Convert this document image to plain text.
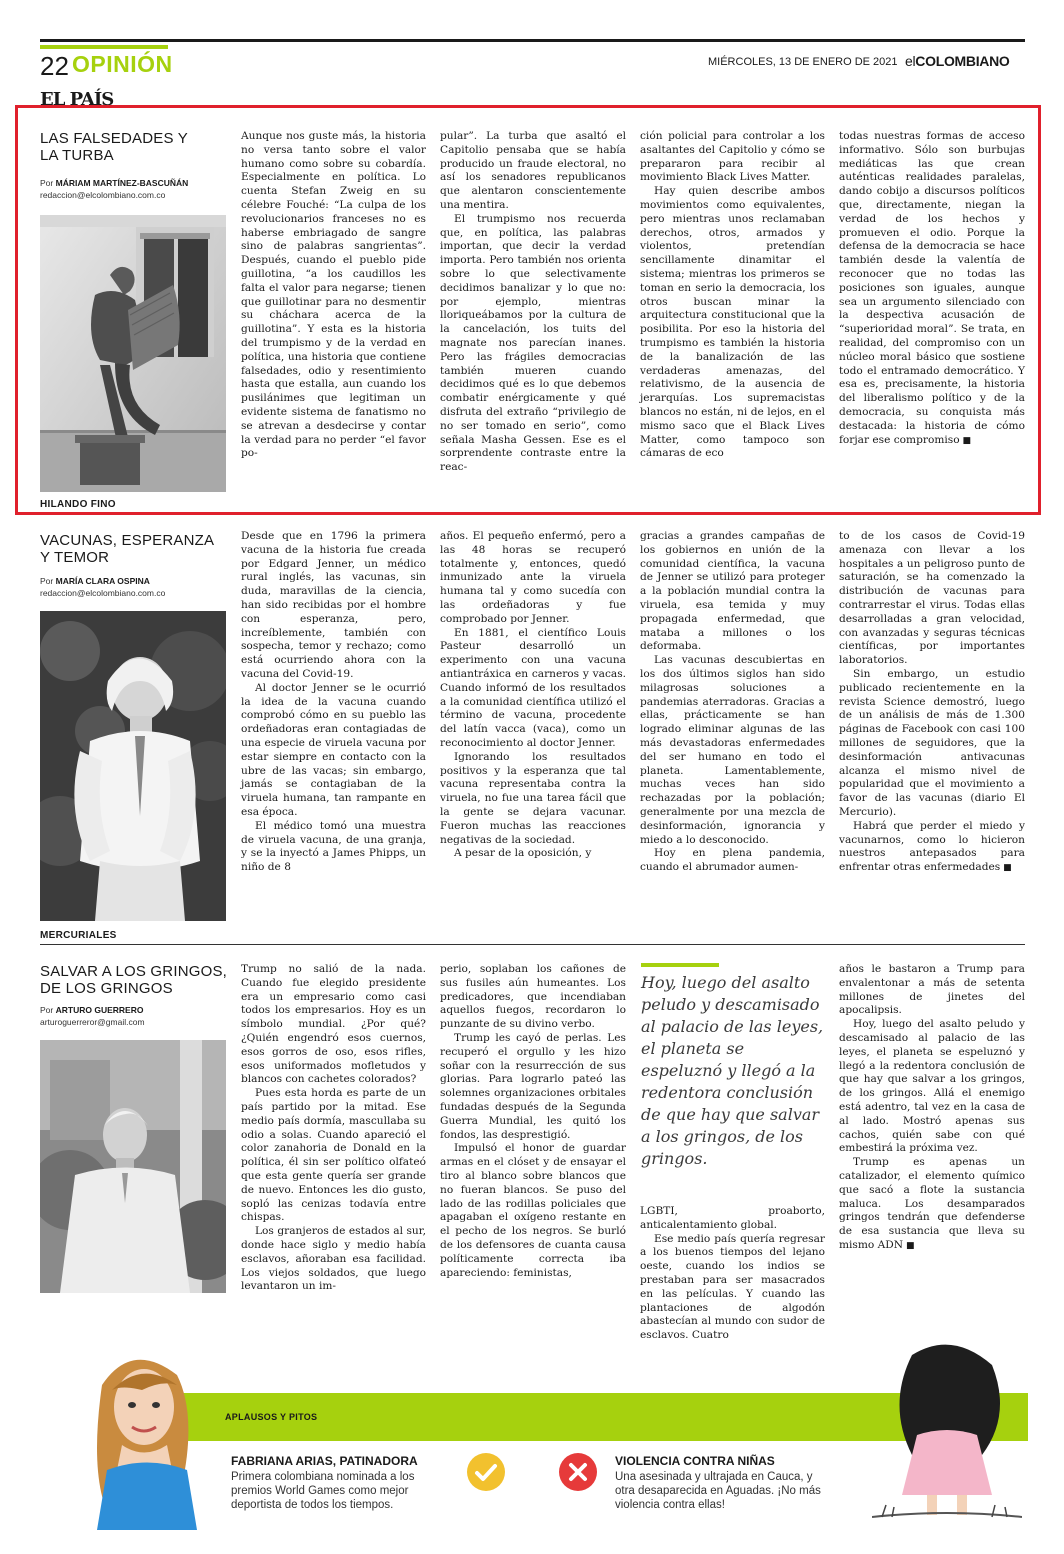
22 OPINIÓN	MIÉRCOLES, 13 DE ENERO DE 2021 elCOLOMBIANO
EL PAÍS
LAS FALSEDADES Y LA TURBA
Por MÁRIAM MARTÍNEZ-BASCUÑÁN
redaccion@elcolombiano.com.co
HILANDO FINO

Aunque nos guste más, la historia no versa tanto sobre el valor humano como sobre su cobardía. Especialmente en política. Lo cuenta Stefan Zweig en su célebre Fouché: “La culpa de los revolucionarios franceses no es haberse embriagado de sangre sino de palabras sangrientas”. Después, cuando el pueblo pide guillotina, “a los caudillos les falta el valor para negarse; tienen que guillotinar para no desmentir su cháchara acerca de la guillotina”. Y esta es la historia del trumpismo y de la verdad en política, una historia que contiene falsedades, odio y resentimiento hasta que estalla, aun cuando los pusilánimes que legitiman un evidente sistema de fanatismo no se atrevan a desdecirse y contar la verdad para no perder “el favor po-

pular”. La turba que asaltó el Capitolio pensaba que se había producido un fraude electoral, no así los senadores republicanos que alentaron conscientemente una mentira.

El trumpismo nos recuerda que, en política, las palabras importan, que decir la verdad importa. Pero también nos orienta sobre lo que selectivamente decidimos banalizar y lo que no: por ejemplo, mientras lloriqueábamos por la cultura de la cancelación, los tuits del magnate nos parecían inanes. Pero las frágiles democracias también mueren cuando decidimos qué es lo que debemos combatir enérgicamente y qué disfruta del extraño “privilegio de no ser tomado en serio”, como señala Masha Gessen. Ese es el sorprendente contraste entre la reac-

ción policial para controlar a los asaltantes del Capitolio y cómo se prepararon para recibir al movimiento Black Lives Matter.

Hay quien describe ambos movimientos como equivalentes, pero mientras unos reclamaban derechos, otros, armados y violentos, pretendían sencillamente dinamitar el sistema; mientras los primeros se toman en serio la democracia, los otros buscan minar la arquitectura constitucional que la posibilita. Por eso la historia del trumpismo es también la historia de la banalización de las verdaderas amenazas, del relativismo, de la ausencia de jerarquías. Los supremacistas blancos no están, ni de lejos, en el mismo saco que el Black Lives Matter, como tampoco son cámaras de eco

todas nuestras formas de acceso informativo. Sólo son burbujas mediáticas las que crean auténticas realidades paralelas, dando cobijo a discursos políticos que, directamente, niegan la verdad de los hechos y promueven el odio. Porque la defensa de la democracia se hace también desde la valentía de reconocer que no todas las posiciones son iguales, aunque sea un argumento silenciado con la despectiva acusación de “superioridad moral”. Se trata, en realidad, del compromiso con un núcleo moral básico que sostiene todo el entramado democrático. Y esa es, precisamente, la historia del liberalismo político y de la democracia, su conquista más destacada: la historia de cómo forjar ese compromiso ■

VACUNAS, ESPERANZA Y TEMOR
Por MARÍA CLARA OSPINA
redaccion@elcolombiano.com.co
MERCURIALES

Desde que en 1796 la primera vacuna de la historia fue creada por Edgard Jenner, un médico rural inglés, las vacunas, sin duda, maravillas de la ciencia, han sido recibidas por el hombre con esperanza, pero, increíblemente, también con sospecha, temor y rechazo; como está ocurriendo ahora con la vacuna del Covid-19.

Al doctor Jenner se le ocurrió la idea de la vacuna cuando comprobó cómo en su pueblo las ordeñadoras eran contagiadas de una especie de viruela vacuna por estar siempre en contacto con la ubre de las vacas; sin embargo, jamás se contagiaban de la viruela humana, tan rampante en esa época.

El médico tomó una muestra de viruela vacuna, de una granja, y se la inyectó a James Phipps, un niño de 8

años. El pequeño enfermó, pero a las 48 horas se recuperó totalmente y, entonces, quedó inmunizado ante la viruela humana tal y como sucedía con las ordeñadoras y fue comprobado por Jenner.

En 1881, el científico Louis Pasteur desarrolló un experimento con una vacuna antiantráxica en carneros y vacas. Cuando informó de los resultados a la comunidad científica utilizó el término de vacuna, procedente del latín vacca (vaca), como un reconocimiento al doctor Jenner.

Ignorando los resultados positivos y la esperanza que tal vacuna representaba contra la viruela, no fue una tarea fácil que la gente se dejara vacunar. Fueron muchas las reacciones negativas de la sociedad.

A pesar de la oposición, y

gracias a grandes campañas de los gobiernos en unión de la comunidad científica, la vacuna de Jenner se utilizó para proteger a la población mundial contra la viruela, esa temida y muy propagada enfermedad, que mataba a millones o los deformaba.

Las vacunas descubiertas en los dos últimos siglos han sido milagrosas soluciones a pandemias aterradoras. Gracias a ellas, prácticamente se han logrado eliminar algunas de las más devastadoras enfermedades del ser humano en todo el planeta. Lamentablemente, muchas veces han sido rechazadas por la población; generalmente por una mezcla de desinformación, ignorancia y miedo a lo desconocido.

Hoy en plena pandemia, cuando el abrumador aumen-

to de los casos de Covid-19 amenaza con llevar a los hospitales a un peligroso punto de saturación, se ha comenzado la distribución de vacunas para contrarrestar el virus. Todas ellas desarrolladas a gran velocidad, con avanzadas y seguras técnicas científicas, por importantes laboratorios.

Sin embargo, un estudio publicado recientemente en la revista Science demostró, luego de un análisis de más de 1.300 páginas de Facebook con casi 100 millones de seguidores, que la desinformación antivacunas alcanza el mismo nivel de popularidad que el movimiento a favor de las vacunas (diario El Mercurio).

Habrá que perder el miedo y vacunarnos, como lo hicieron nuestros antepasados para enfrentar otras enfermedades ■

SALVAR A LOS GRINGOS, DE LOS GRINGOS
Por ARTURO GUERRERO
arturoguerreror@gmail.com

Trump no salió de la nada. Cuando fue elegido presidente era un empresario como casi todos los empresarios. Hoy es un símbolo mundial. ¿Por qué? ¿Quién engendró esos cuernos, esos gorros de oso, esos rifles, esos uniformados mofletudos y blancos con cachetes colorados?

Pues esta horda es parte de un país partido por la mitad. Ese medio país dormía, mascullaba su odio a solas. Cuando apareció el color zanahoria de Donald en la política, él sin ser político olfateó que esta gente quería ser grande de nuevo. Entonces les dio gusto, sopló las cenizas todavía entre chispas.

Los granjeros de estados al sur, donde hace siglo y medio había esclavos, añoraban esa facilidad. Los viejos soldados, que luego levantaron un im-

perio, soplaban los cañones de sus fusiles aún humeantes. Los predicadores, que incendiaban aquellos fuegos, recordaron lo punzante de su divino verbo.

Trump les cayó de perlas. Les recuperó el orgullo y les hizo soñar con la resurrección de sus glorias. Para lograrlo pateó las solemnes organizaciones orbitales fundadas después de la Segunda Guerra Mundial, les quitó los fondos, las desprestigió.

Impulsó el honor de guardar armas en el clóset y de ensayar el tiro al blanco sobre blancos que no fueran blancos. Se puso del lado de las rodillas policiales que apagaban el oxígeno restante en el pecho de los negros. Se burló de los defensores de cuanta causa políticamente correcta iba apareciendo: feministas,

Hoy, luego del asalto peludo y descamisado al palacio de las leyes, el planeta se espeluznó y llegó a la redentora conclusión de que hay que salvar a los gringos, de los gringos.

LGBTI, proaborto, anticalentamiento global.

Ese medio país quería regresar a los buenos tiempos del lejano oeste, cuando los indios se prestaban para ser masacrados en las películas. Y cuando las plantaciones de algodón abastecían al mundo con sudor de esclavos. Cuatro

años le bastaron a Trump para envalentonar a más de setenta millones de jinetes del apocalipsis.

Hoy, luego del asalto peludo y descamisado al palacio de las leyes, el planeta se espeluznó y llegó a la redentora conclusión de que hay que salvar a los gringos, de los gringos. Allá el enemigo está adentro, tal vez en la casa de al lado. Mostró apenas sus cachos, quién sabe con qué embestirá la próxima vez.

Trump es apenas un catalizador, el elemento químico que sacó a flote la sustancia maluca. Los desamparados gringos tendrán que defenderse de esa sustancia que lleva su mismo ADN ■

APLAUSOS Y PITOS
FABRIANA ARIAS, PATINADORA
Primera colombiana nominada a los premios World Games como mejor deportista de todos los tiempos.
VIOLENCIA CONTRA NIÑAS
Una asesinada y ultrajada en Cauca, y otra desaparecida en Aguadas. ¡No más violencia contra ellas!
